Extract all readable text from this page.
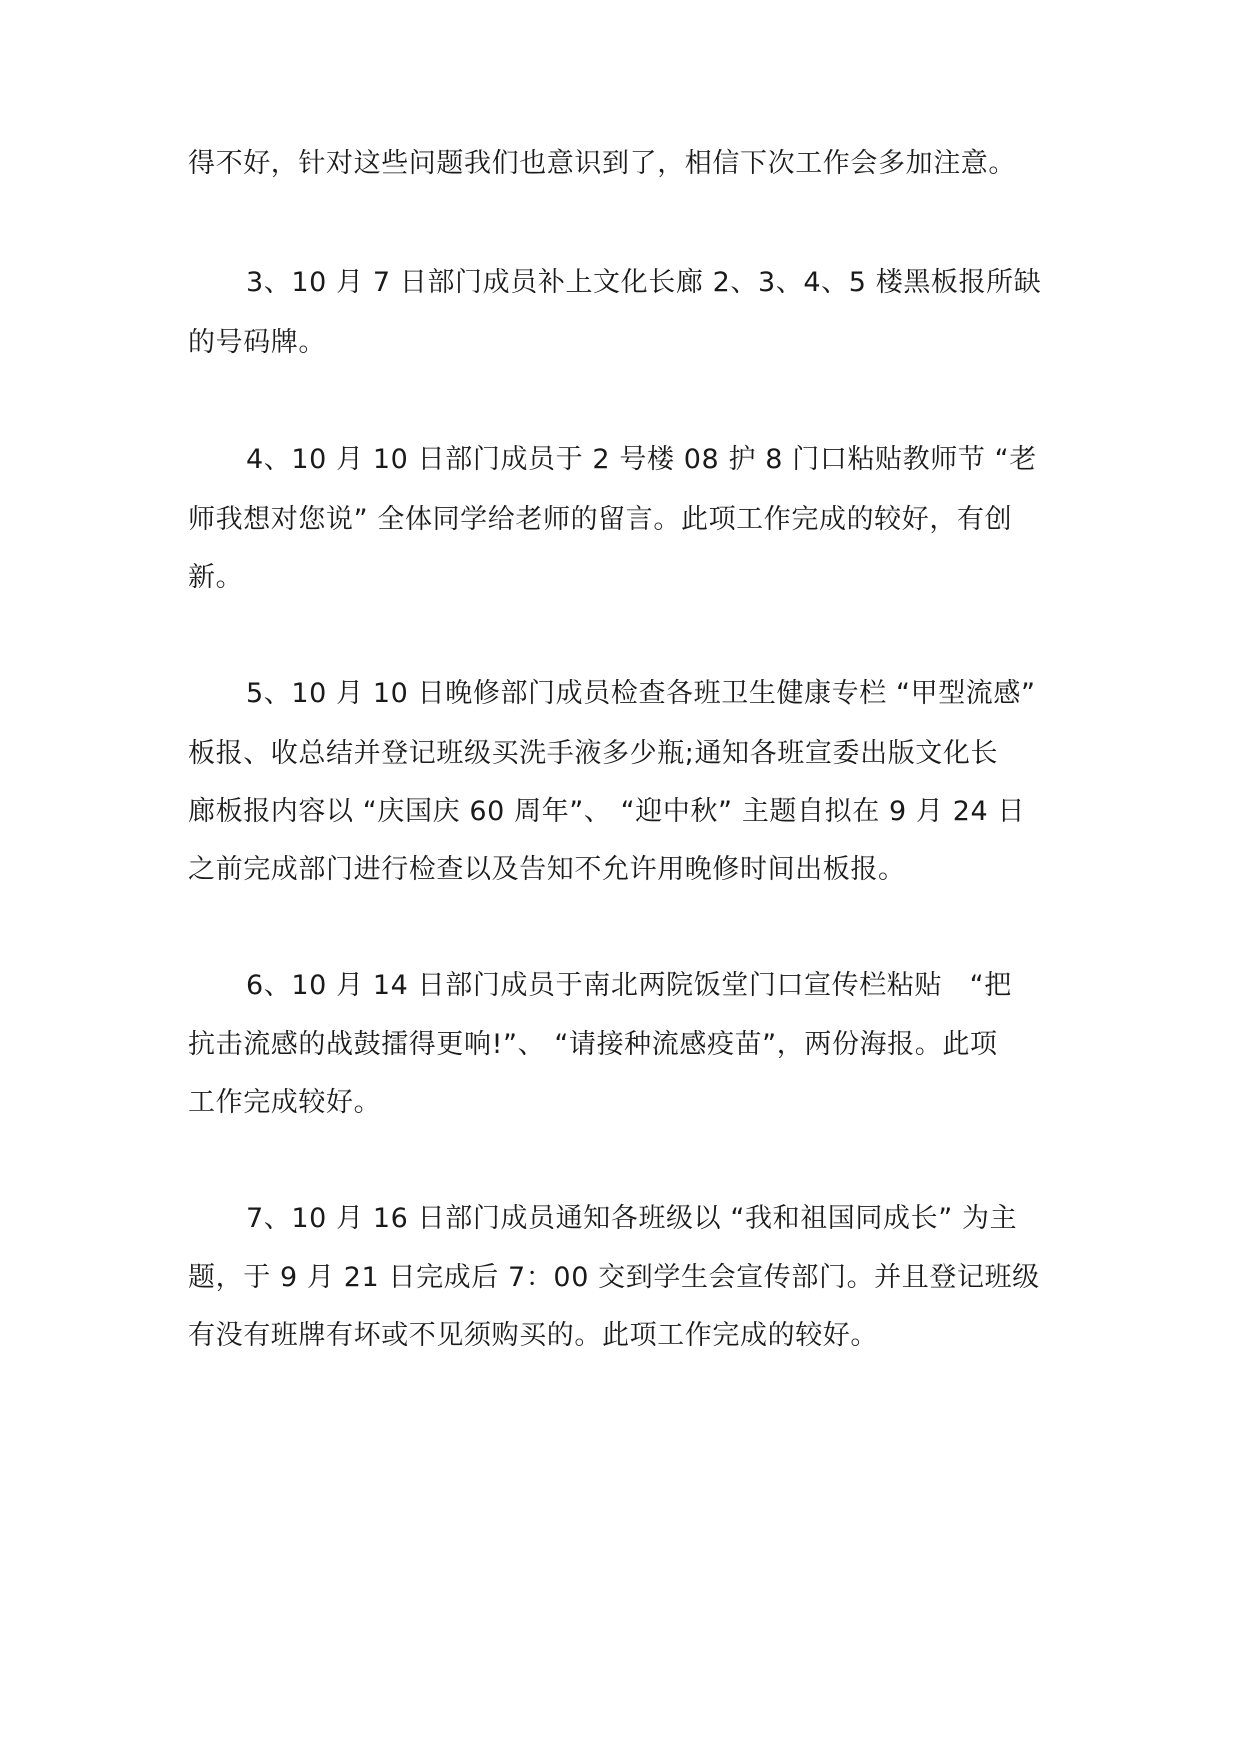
得不好，针对这些问题我们也意识到了，相信下次工作会多加注意。
3、10 月 7 日部门成员补上文化长廊 2、3、4、5 楼黑板报所缺
的号码牌。
4、10 月 10 日部门成员于 2 号楼 08 护 8 门口粘贴教师节 “老
师我想对您说” 全体同学给老师的留言。此项工作完成的较好，有创
新。
5、10 月 10 日晚修部门成员检查各班卫生健康专栏 “甲型流感”
板报、收总结并登记班级买洗手液多少瓶;通知各班宣委出版文化长
廊板报内容以 “庆国庆 60 周年”、 “迎中秋” 主题自拟在 9 月 24 日
之前完成部门进行检查以及告知不允许用晚修时间出板报。
6、10 月 14 日部门成员于南北两院饭堂门口宣传栏粘贴　“把
抗击流感的战鼓擂得更响!”、 “请接种流感疫苗”，两份海报。此项
工作完成较好。
7、10 月 16 日部门成员通知各班级以 “我和祖国同成长” 为主
题，于 9 月 21 日完成后 7：00 交到学生会宣传部门。并且登记班级
有没有班牌有坏或不见须购买的。此项工作完成的较好。
